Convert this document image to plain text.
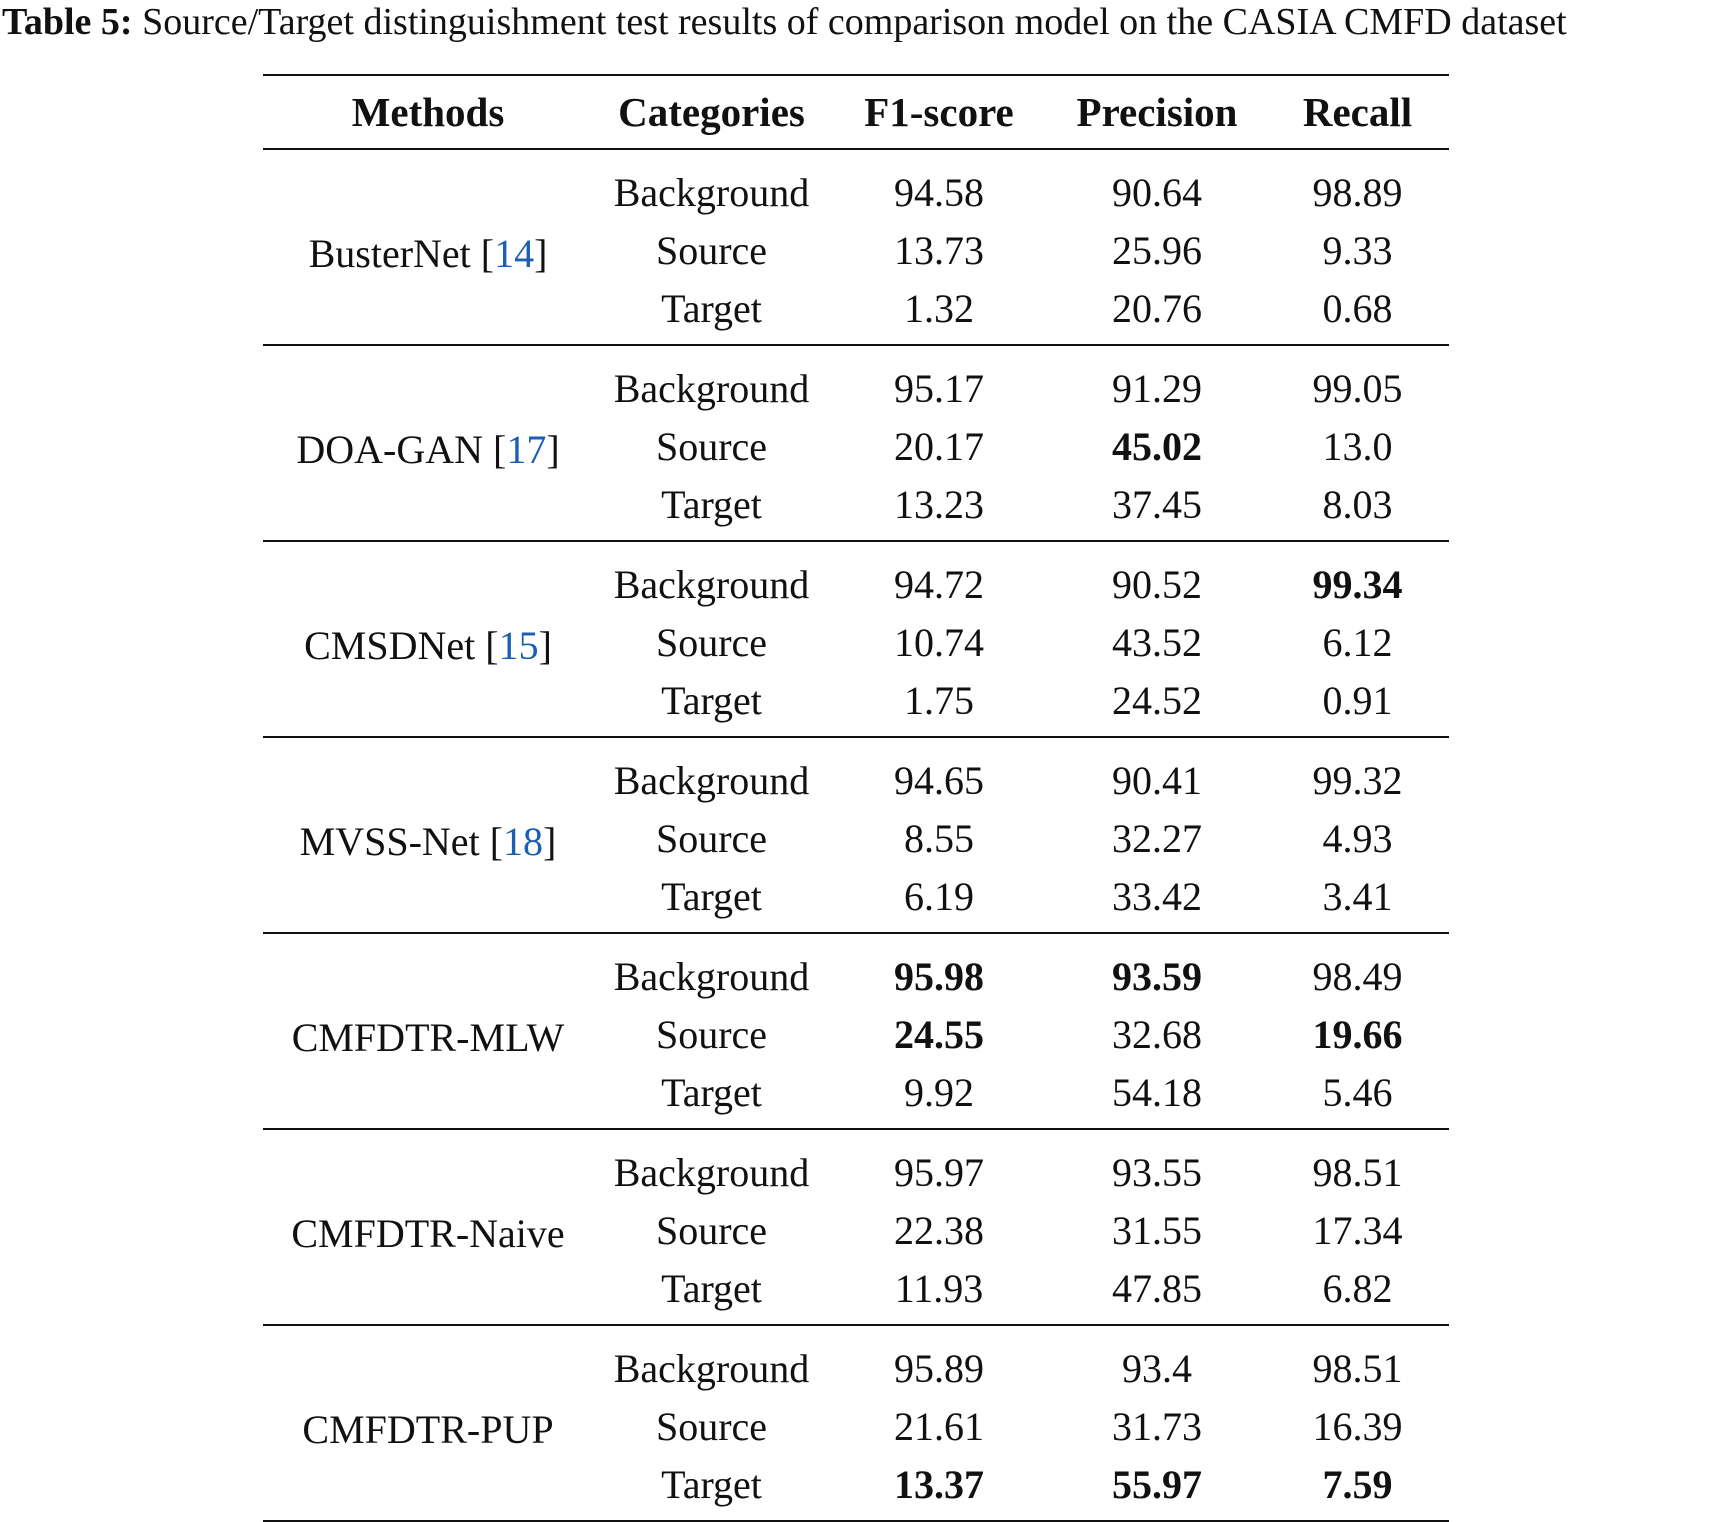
Table 5: Source/Target distinguishment test results of comparison model on the CASIA CMFD dataset
Methods	Categories	F1-score	Precision	Recall
BusterNet [14]	Background	94.58	90.64	98.89
	Source	13.73	25.96	9.33
	Target	1.32	20.76	0.68
DOA-GAN [17]	Background	95.17	91.29	99.05
	Source	20.17	45.02	13.0
	Target	13.23	37.45	8.03
CMSDNet [15]	Background	94.72	90.52	99.34
	Source	10.74	43.52	6.12
	Target	1.75	24.52	0.91
MVSS-Net [18]	Background	94.65	90.41	99.32
	Source	8.55	32.27	4.93
	Target	6.19	33.42	3.41
CMFDTR-MLW	Background	95.98	93.59	98.49
	Source	24.55	32.68	19.66
	Target	9.92	54.18	5.46
CMFDTR-Naive	Background	95.97	93.55	98.51
	Source	22.38	31.55	17.34
	Target	11.93	47.85	6.82
CMFDTR-PUP	Background	95.89	93.4	98.51
	Source	21.61	31.73	16.39
	Target	13.37	55.97	7.59
